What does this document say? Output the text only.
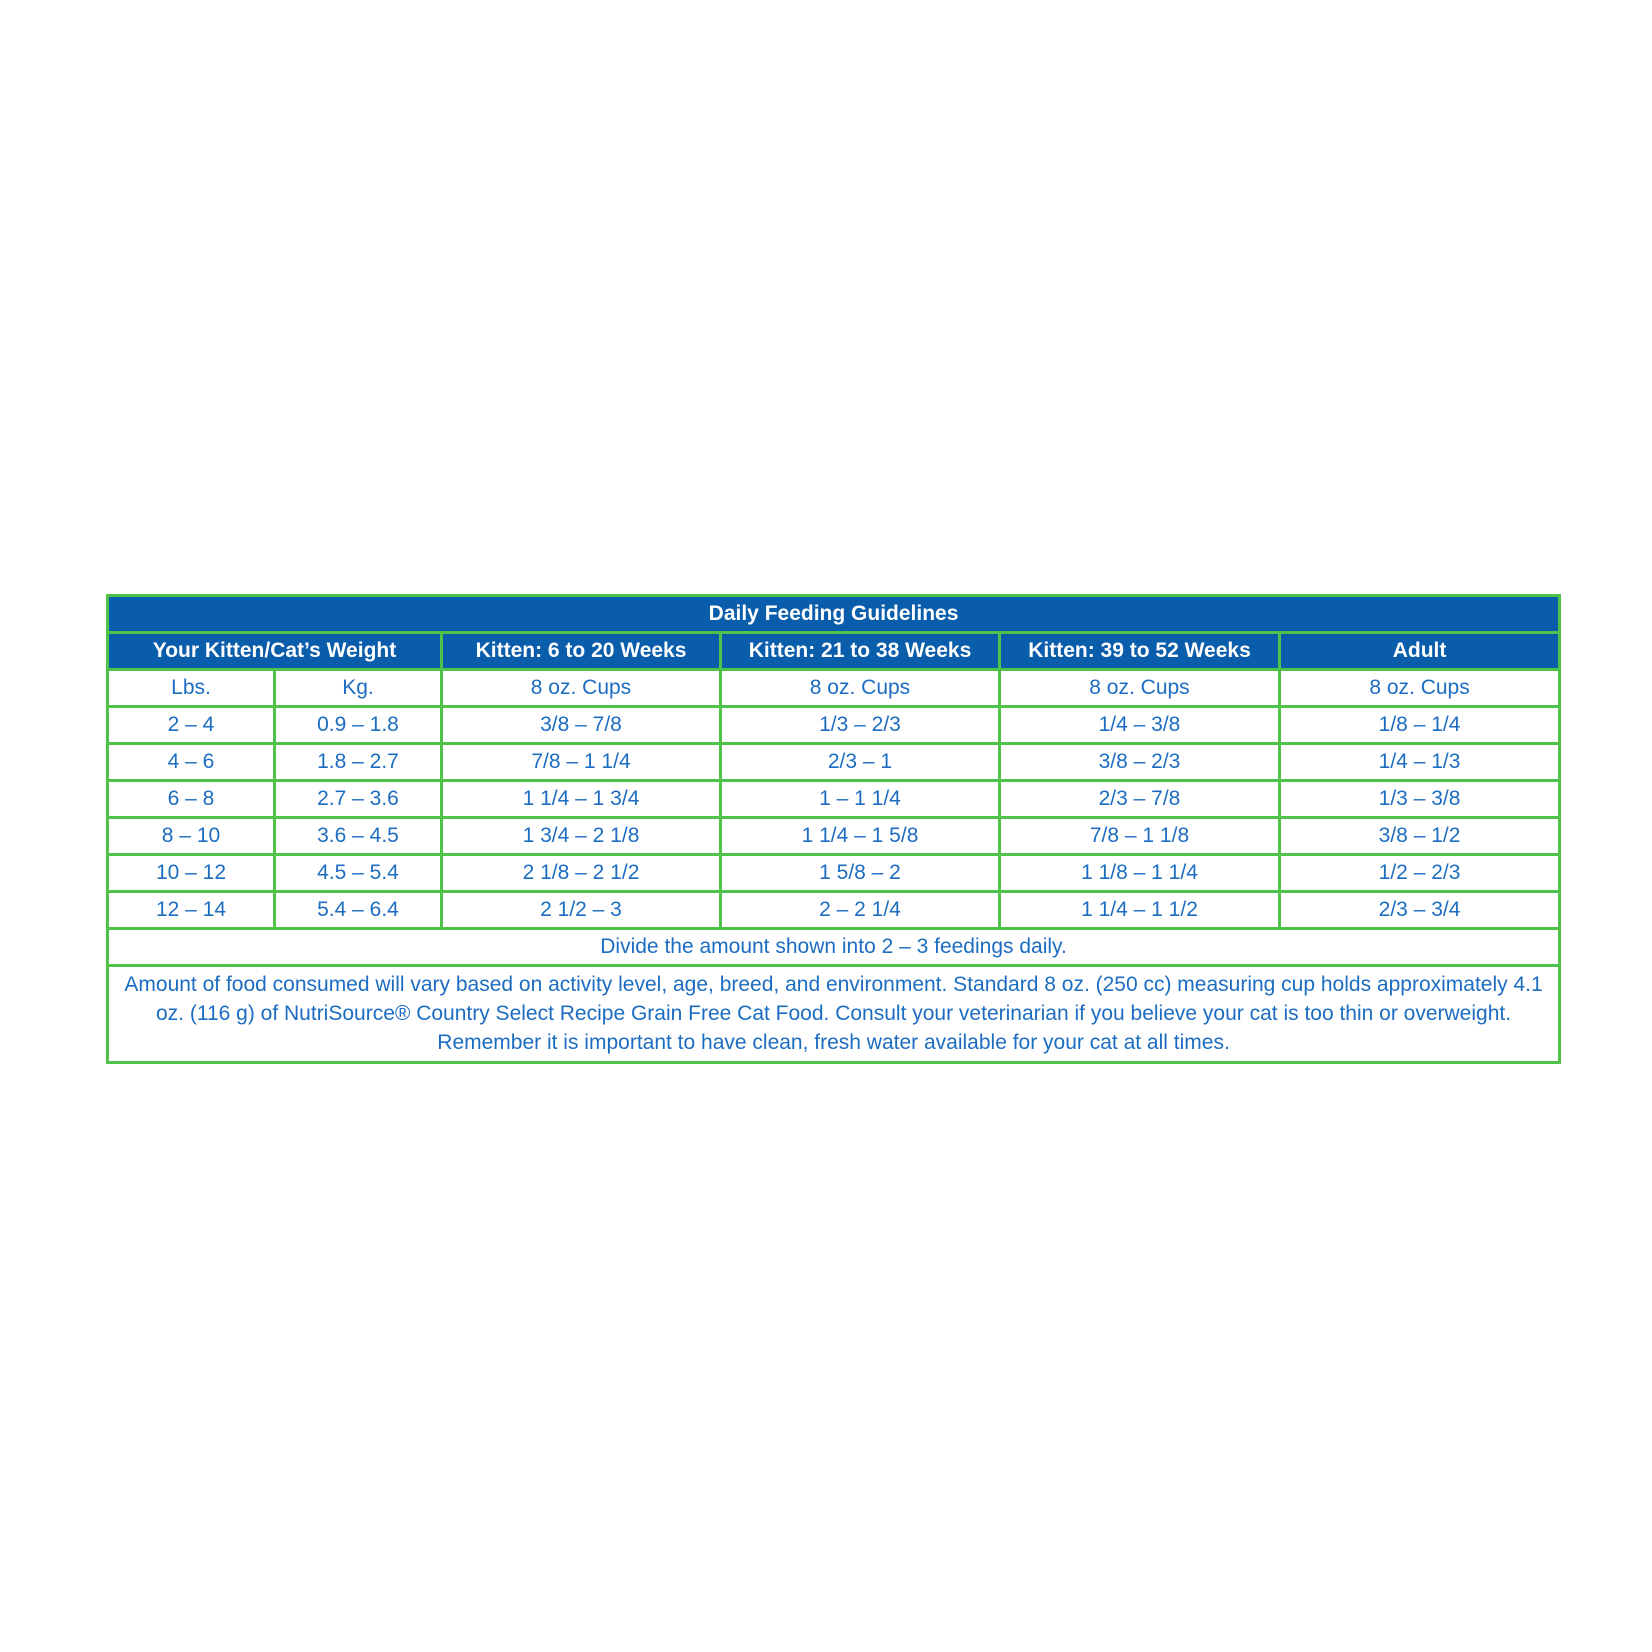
Daily Feeding Guidelines					
Your Kitten/Cat’s Weight		Kitten: 6 to 20 Weeks	Kitten: 21 to 38 Weeks	Kitten: 39 to 52 Weeks	Adult
Lbs.	Kg.	8 oz. Cups	8 oz. Cups	8 oz. Cups	8 oz. Cups
2 – 4	0.9 – 1.8	3/8 – 7/8	1/3 – 2/3	1/4 – 3/8	1/8 – 1/4
4 – 6	1.8 – 2.7	7/8 – 1 1/4	2/3 – 1	3/8 – 2/3	1/4 – 1/3
6 – 8	2.7 – 3.6	1 1/4 – 1 3/4	1 – 1 1/4	2/3 – 7/8	1/3 – 3/8
8 – 10	3.6 – 4.5	1 3/4 – 2 1/8	1 1/4 – 1 5/8	7/8 – 1 1/8	3/8 – 1/2
10 – 12	4.5 – 5.4	2 1/8 – 2 1/2	1 5/8 – 2	1 1/8 – 1 1/4	1/2 – 2/3
12 – 14	5.4 – 6.4	2 1/2 – 3	2 – 2 1/4	1 1/4 – 1 1/2	2/3 – 3/4
Divide the amount shown into 2 – 3 feedings daily.					
Amount of food consumed will vary based on activity level, age, breed, and environment. Standard 8 oz. (250 cc) measuring cup holds approximately 4.1 oz. (116 g) of NutriSource® Country Select Recipe Grain Free Cat Food. Consult your veterinarian if you believe your cat is too thin or overweight. Remember it is important to have clean, fresh water available for your cat at all times.					
